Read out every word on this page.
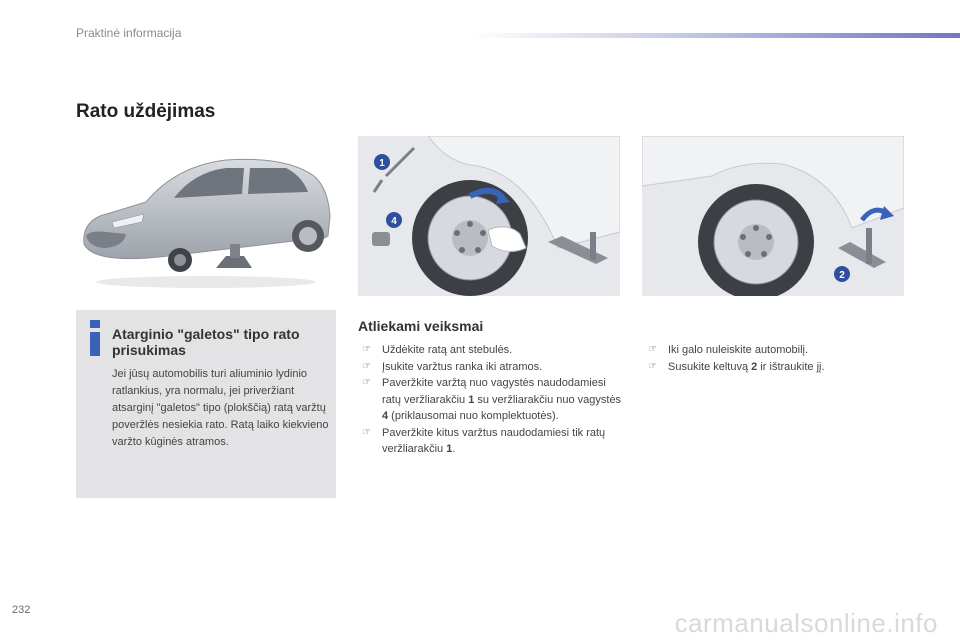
Praktinė informacija
Rato uždėjimas
1
4
2
Atarginio "galetos" tipo rato prisukimas
Jei jūsų automobilis turi aliuminio lydinio ratlankius, yra normalu, jei priveržiant atsarginį "galetos" tipo (plokščią) ratą varžtų poveržlės nesiekia rato. Ratą laiko kiekvieno varžto kūginės atramos.
Atliekami veiksmai
☞ Uždėkite ratą ant stebulės.
☞ Įsukite varžtus ranka iki atramos.
☞ Paveržkite varžtą nuo vagystės naudodamiesi ratų veržliarakčiu 1 su veržliarakčiu nuo vagystės 4 (priklausomai nuo komplektuotės).
☞ Paveržkite kitus varžtus naudodamiesi tik ratų veržliarakčiu 1.
☞ Iki galo nuleiskite automobilį.
☞ Susukite keltuvą 2 ir ištraukite jį.
232	carmanualsonline.info
